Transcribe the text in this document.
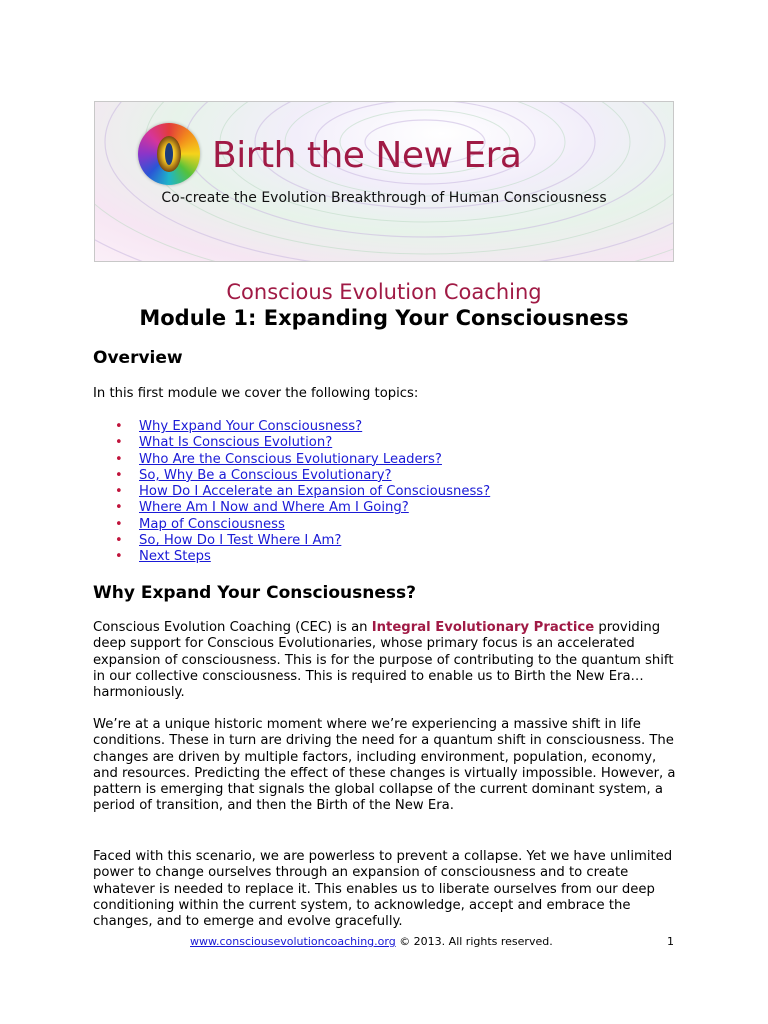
Birth the New Era
Co-create the Evolution Breakthrough of Human Consciousness
Conscious Evolution Coaching
Module 1: Expanding Your Consciousness
Overview

In this first module we cover the following topics:

• Why Expand Your Consciousness?
• What Is Conscious Evolution?
• Who Are the Conscious Evolutionary Leaders?
• So, Why Be a Conscious Evolutionary?
• How Do I Accelerate an Expansion of Consciousness?
• Where Am I Now and Where Am I Going?
• Map of Consciousness
• So, How Do I Test Where I Am?
• Next Steps
Why Expand Your Consciousness?

Conscious Evolution Coaching (CEC) is an Integral Evolutionary Practice providing deep support for Conscious Evolutionaries, whose primary focus is an accelerated expansion of consciousness. This is for the purpose of contributing to the quantum shift in our collective consciousness. This is required to enable us to Birth the New Era…harmoniously.

We’re at a unique historic moment where we’re experiencing a massive shift in life conditions. These in turn are driving the need for a quantum shift in consciousness. The changes are driven by multiple factors, including environment, population, economy, and resources. Predicting the effect of these changes is virtually impossible. However, a pattern is emerging that signals the global collapse of the current dominant system, a period of transition, and then the Birth of the New Era.

Faced with this scenario, we are powerless to prevent a collapse. Yet we have unlimited power to change ourselves through an expansion of consciousness and to create whatever is needed to replace it. This enables us to liberate ourselves from our deep conditioning within the current system, to acknowledge, accept and embrace the changes, and to emerge and evolve gracefully.

www.consciousevolutioncoaching.org © 2013. All rights reserved.	1
